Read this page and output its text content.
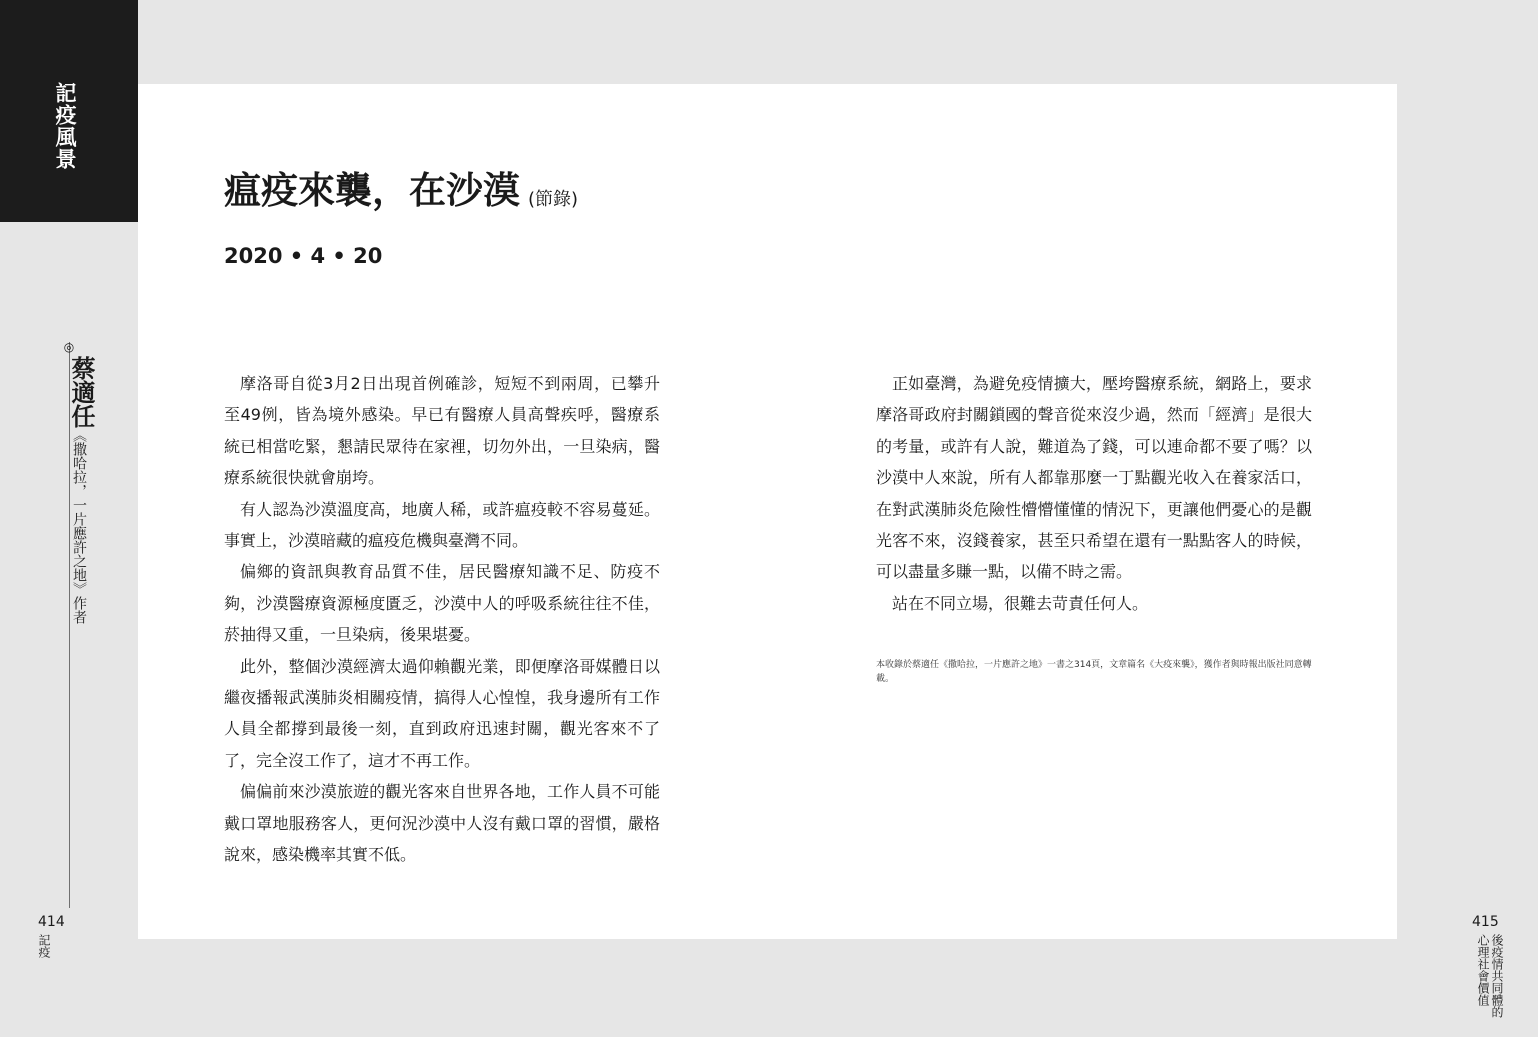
記疫風景
◎
蔡適任
《撒哈拉，一片應許之地》作者
414
記疫
415
後疫情共同體的心理社會價值
瘟疫來襲，在沙漠 (節錄)
2020 • 4 • 20

摩洛哥自從3月2日出現首例確診，短短不到兩周，已攀升至49例，皆為境外感染。早已有醫療人員高聲疾呼，醫療系統已相當吃緊，懇請民眾待在家裡，切勿外出，一旦染病，醫療系統很快就會崩垮。

有人認為沙漠溫度高，地廣人稀，或許瘟疫較不容易蔓延。事實上，沙漠暗藏的瘟疫危機與臺灣不同。

偏鄉的資訊與教育品質不佳，居民醫療知識不足、防疫不夠，沙漠醫療資源極度匱乏，沙漠中人的呼吸系統往往不佳，菸抽得又重，一旦染病，後果堪憂。

此外，整個沙漠經濟太過仰賴觀光業，即便摩洛哥媒體日以繼夜播報武漢肺炎相關疫情，搞得人心惶惶，我身邊所有工作人員全都撐到最後一刻，直到政府迅速封關，觀光客來不了了，完全沒工作了，這才不再工作。

偏偏前來沙漠旅遊的觀光客來自世界各地，工作人員不可能戴口罩地服務客人，更何況沙漠中人沒有戴口罩的習慣，嚴格說來，感染機率其實不低。

正如臺灣，為避免疫情擴大，壓垮醫療系統，網路上，要求摩洛哥政府封關鎖國的聲音從來沒少過，然而「經濟」是很大的考量，或許有人說，難道為了錢，可以連命都不要了嗎？以沙漠中人來說，所有人都靠那麼一丁點觀光收入在養家活口，在對武漢肺炎危險性懵懵懂懂的情況下，更讓他們憂心的是觀光客不來，沒錢養家，甚至只希望在還有一點點客人的時候，可以盡量多賺一點，以備不時之需。

站在不同立場，很難去苛責任何人。

本收錄於蔡適任《撒哈拉，一片應許之地》一書之314頁，文章篇名《大疫來襲》，獲作者與時報出版社同意轉載。
